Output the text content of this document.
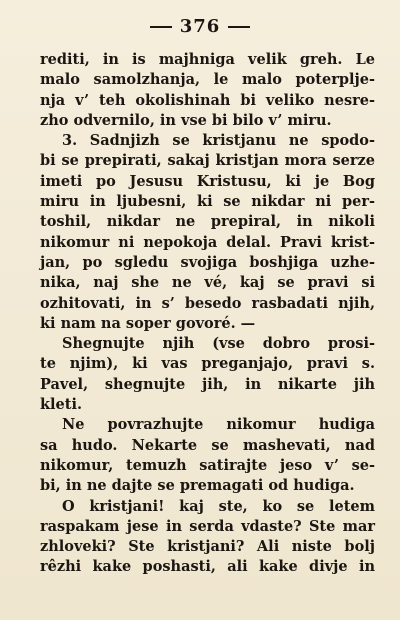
376
rediti, in is majhniga velik greh. Le
malo samolzhanja, le malo poterplje-
nja v’ teh okolishinah bi veliko nesre-
zho odvernilo, in vse bi bilo v’ miru.
3. Sadnjizh se kristjanu ne spodo-
bi se prepirati, sakaj kristjan mora serze
imeti po Jesusu Kristusu, ki je Bog
miru in ljubesni, ki se nikdar ni per-
toshil, nikdar ne prepiral, in nikoli
nikomur ni nepokoja delal. Pravi krist-
jan, po sgledu svojiga boshjiga uzhe-
nika, naj she ne vé, kaj se pravi si
ozhitovati, in s’ besedo rasbadati njih,
ki nam na soper govoré. —
Shegnujte njih (vse dobro prosi-
te njim), ki vas preganjajo, pravi s.
Pavel, shegnujte jih, in nikarte jih
kleti.
Ne povrazhujte nikomur hudiga
sa hudo. Nekarte se mashevati, nad
nikomur, temuzh satirajte jeso v’ se-
bi, in ne dajte se premagati od hudiga.
O kristjani! kaj ste, ko se letem
raspakam jese in serda vdaste? Ste mar
zhloveki? Ste kristjani? Ali niste bolj
rêzhi kake poshasti, ali kake divje in
